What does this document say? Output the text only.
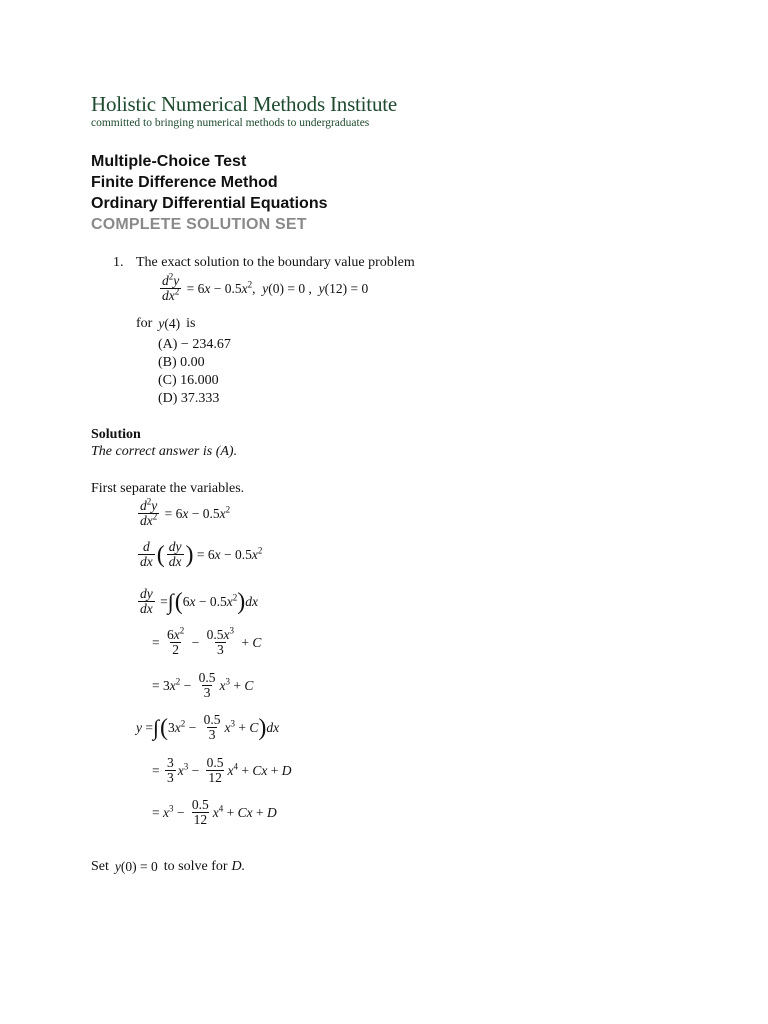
Holistic Numerical Methods Institute
committed to bringing numerical methods to undergraduates
Multiple-Choice Test
Finite Difference Method
Ordinary Differential Equations
COMPLETE SOLUTION SET
1. The exact solution to the boundary value problem
$\frac{d^2y}{dx^2} = 6x - 0.5x^2$,  y(0) = 0 ,  y(12) = 0
for y(4) is
(A) − 234.67
(B) 0.00
(C) 16.000
(D) 37.333
Solution
The correct answer is (A).
First separate the variables.
$\frac{d^2y}{dx^2} = 6x - 0.5x^2$
$\frac{d}{dx}$ ( $\frac{dy}{dx}$ ) = $6x - 0.5x^2$
$\frac{dy}{dx}$ = ∫ ( $6x - 0.5x^2$ ) dx
= $\frac{6x^2}{2} - \frac{0.5x^3}{3} + C$
= $3x^2 - \frac{0.5}{3} x^3 + C$
y = ∫ ( $3x^2 - \frac{0.5}{3} x^3 + C$ ) dx
= $\frac{3}{3} x^3 - \frac{0.5}{12} x^4 + Cx + D$
= $x^3 - \frac{0.5}{12} x^4 + Cx + D$
Set y(0) = 0 to solve for D.
